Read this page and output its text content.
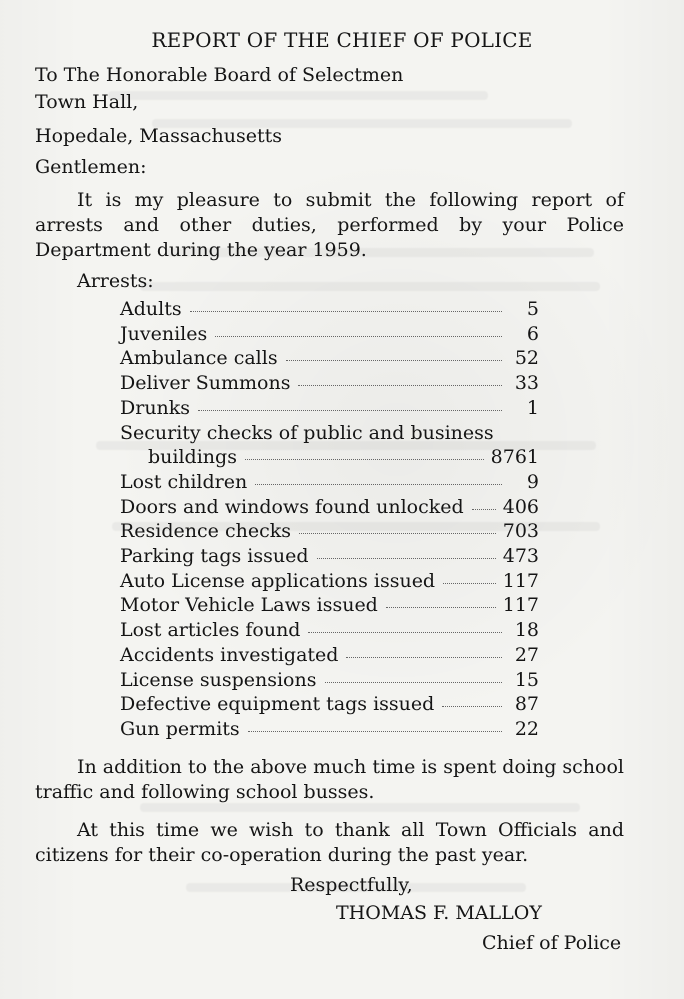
REPORT OF THE CHIEF OF POLICE
To The Honorable Board of Selectmen
Town Hall,
Hopedale, Massachusetts
Gentlemen:
It is my pleasure to submit the following report of arrests and other duties, performed by your Police Department during the year 1959.
Arrests:
Adults	5
Juveniles	6
Ambulance calls	52
Deliver Summons	33
Drunks	1
Security checks of public and business
buildings	8761
Lost children	9
Doors and windows found unlocked 406
Residence checks	703
Parking tags issued	473
Auto License applications issued	117
Motor Vehicle Laws issued	117
Lost articles found	18
Accidents investigated	27
License suspensions	15
Defective equipment tags issued	87
Gun permits	22
In addition to the above much time is spent doing school traffic and following school busses.
At this time we wish to thank all Town Officials and citizens for their co-operation during the past year.
Respectfully,
THOMAS F. MALLOY
Chief of Police
